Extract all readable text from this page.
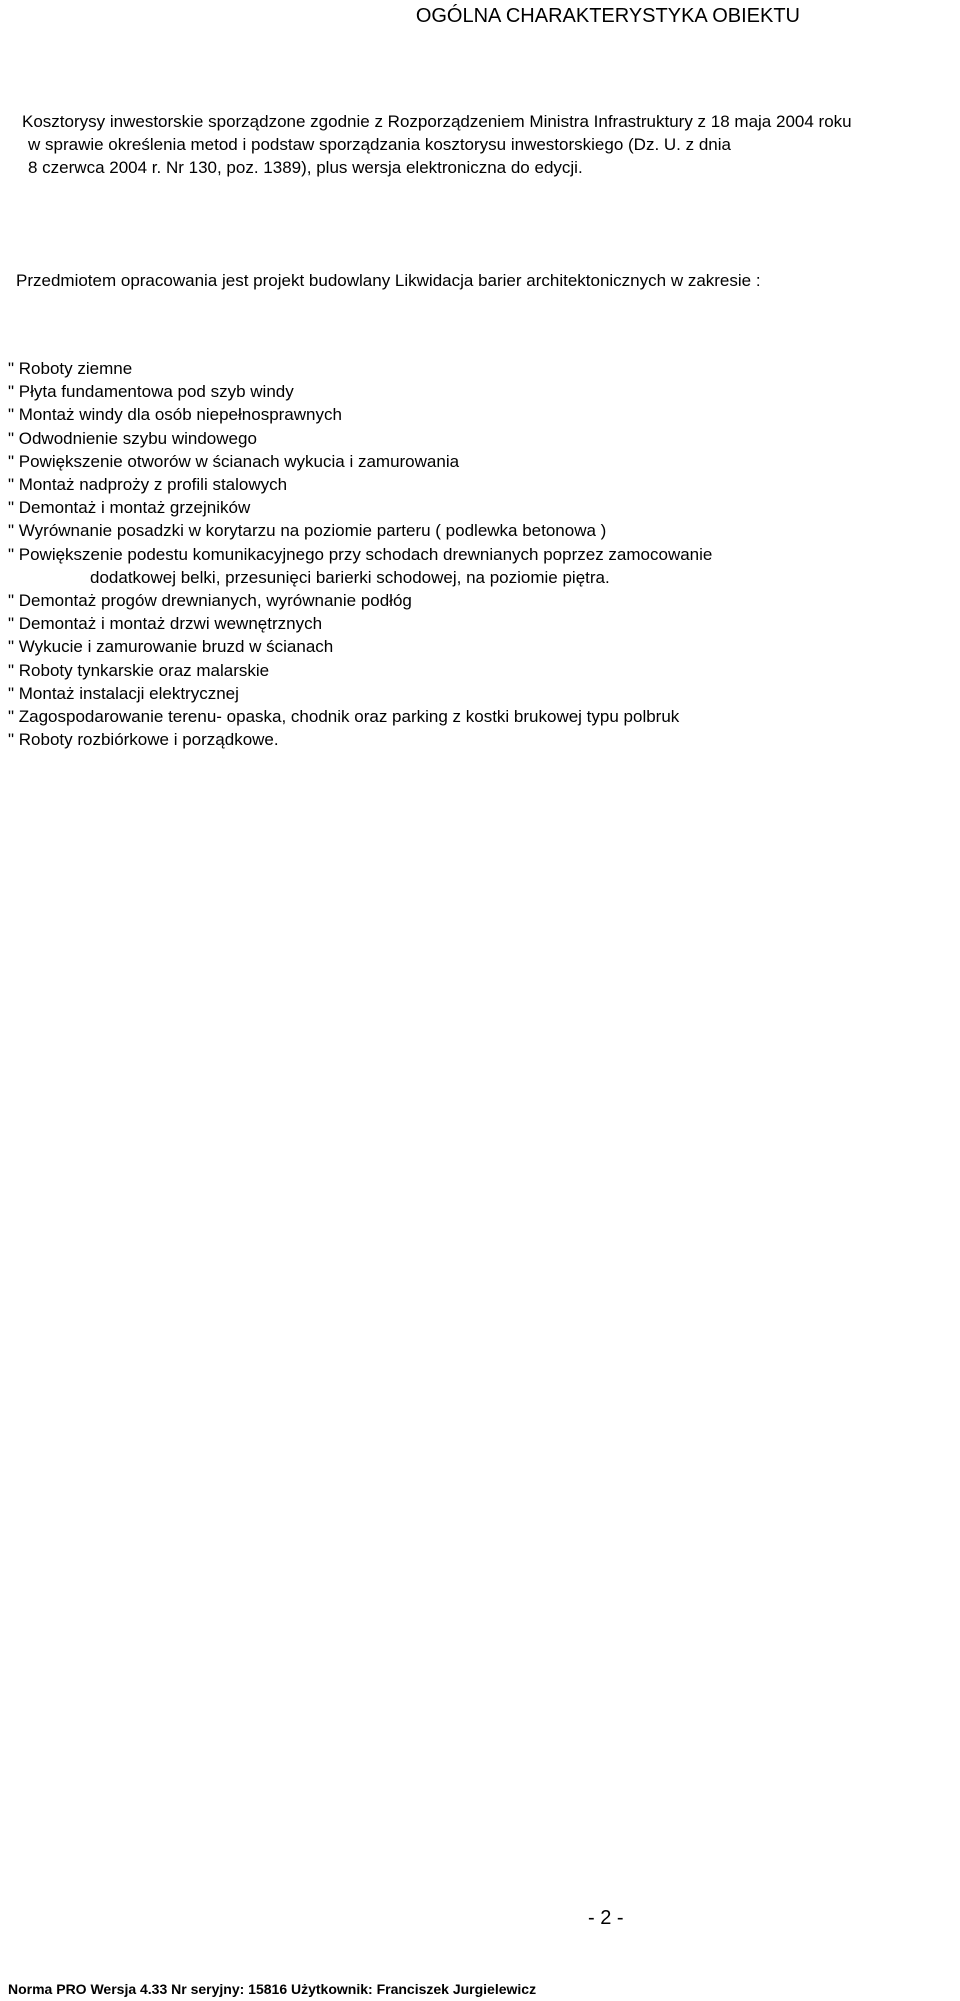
OGÓLNA CHARAKTERYSTYKA OBIEKTU

Kosztorysy inwestorskie sporządzone zgodnie z Rozporządzeniem Ministra Infrastruktury z 18 maja 2004 roku

w sprawie określenia metod i podstaw sporządzania kosztorysu inwestorskiego (Dz. U. z dnia

8 czerwca 2004 r. Nr 130, poz. 1389), plus wersja elektroniczna do edycji.

Przedmiotem opracowania jest projekt budowlany Likwidacja barier architektonicznych w zakresie :
" Roboty ziemne
" Płyta fundamentowa pod szyb windy
" Montaż windy dla osób niepełnosprawnych
" Odwodnienie szybu windowego
" Powiększenie otworów w ścianach wykucia i zamurowania
" Montaż nadproży z profili stalowych
" Demontaż i montaż grzejników
" Wyrównanie posadzki w korytarzu na poziomie parteru ( podlewka betonowa )
" Powiększenie podestu komunikacyjnego przy schodach drewnianych poprzez zamocowanie
dodatkowej belki, przesunięci barierki schodowej, na poziomie piętra.
" Demontaż progów drewnianych, wyrównanie podłóg
" Demontaż i montaż drzwi wewnętrznych
" Wykucie i zamurowanie bruzd w ścianach
" Roboty tynkarskie oraz malarskie
" Montaż instalacji elektrycznej
" Zagospodarowanie terenu- opaska, chodnik oraz parking z kostki brukowej typu polbruk
" Roboty rozbiórkowe i porządkowe.
- 2 -
Norma PRO Wersja 4.33 Nr seryjny: 15816 Użytkownik: Franciszek Jurgielewicz
